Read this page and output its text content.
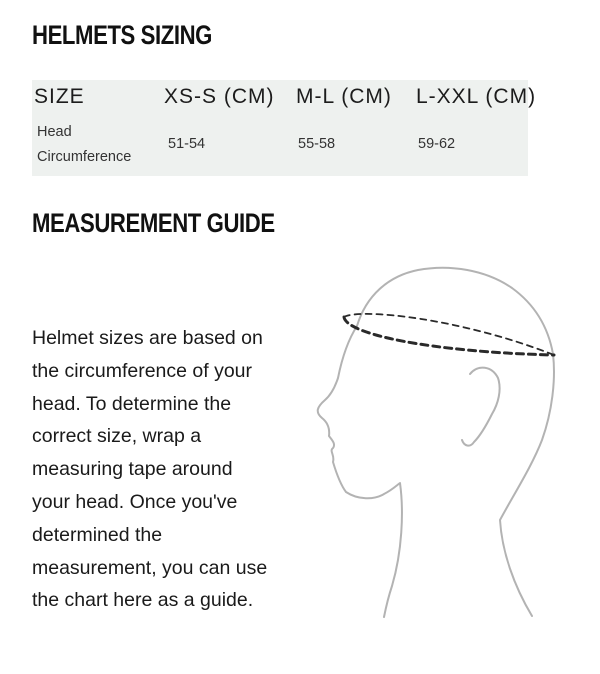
HELMETS SIZING
SIZE	XS-S (CM) M-L (CM) L-XXL (CM)
Head
Circumference
51-54	55-58	59-62
MEASUREMENT GUIDE

Helmet sizes are based on the circumference of your head. To determine the correct size, wrap a measuring tape around your head. Once you've determined the measurement, you can use the chart here as a guide.
